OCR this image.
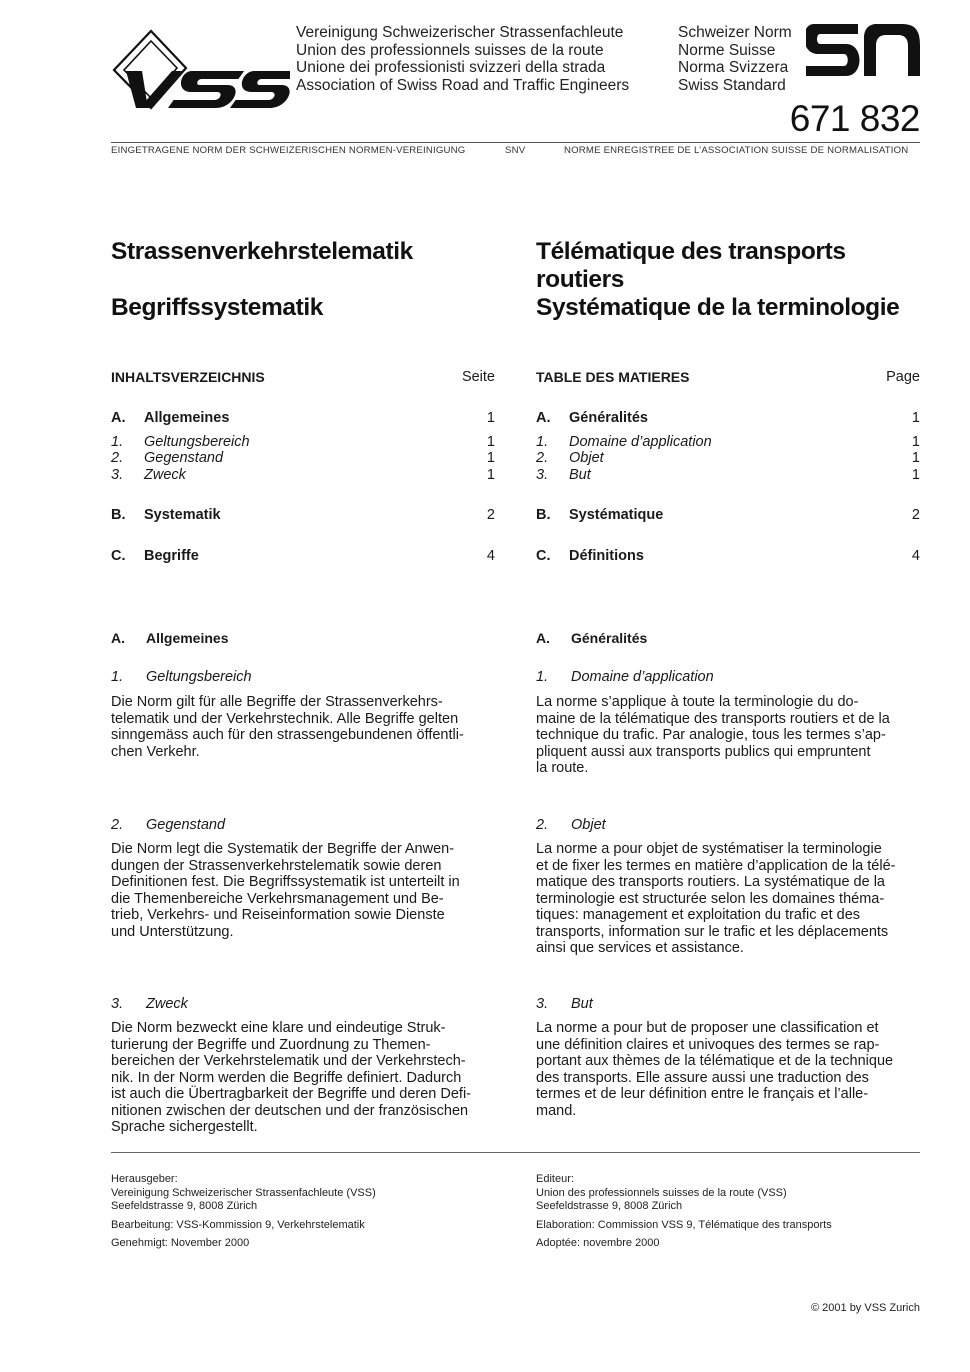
Vereinigung Schweizerischer Strassenfachleute
Union des professionnels suisses de la route
Unione dei professionisti svizzeri della strada
Association of Swiss Road and Traffic Engineers
Schweizer Norm
Norme Suisse
Norma Svizzera
Swiss Standard
671 832
EINGETRAGENE NORM DER SCHWEIZERISCHEN NORMEN-VEREINIGUNG	SNV	NORME ENREGISTREE DE L’ASSOCIATION SUISSE DE NORMALISATION
Strassenverkehrstelematik
Begriffssystematik
Télématique des transports
routiers
Systématique de la terminologie
INHALTSVERZEICHNIS	Seite
A. Allgemeines	1
1. Geltungsbereich	1
2. Gegenstand	1
3. Zweck	1
B. Systematik	2
C. Begriffe	4
TABLE DES MATIERES	Page
A. Généralités	1
1. Domaine d’application	1
2. Objet	1
3. But	1
B. Systématique	2
C. Définitions	4
A. Allgemeines	A. Généralités
1. Geltungsbereich
Die Norm gilt für alle Begriffe der Strassenverkehrs-
telematik und der Verkehrstechnik. Alle Begriffe gelten
sinngemäss auch für den strassengebundenen öffentli-
chen Verkehr.
1. Domaine d’application
La norme s’applique à toute la terminologie du do-
maine de la télématique des transports routiers et de la
technique du trafic. Par analogie, tous les termes s’ap-
pliquent aussi aux transports publics qui empruntent
la route.
2. Gegenstand
Die Norm legt die Systematik der Begriffe der Anwen-
dungen der Strassenverkehrstelematik sowie deren
Definitionen fest. Die Begriffssystematik ist unterteilt in
die Themenbereiche Verkehrsmanagement und Be-
trieb, Verkehrs- und Reiseinformation sowie Dienste
und Unterstützung.
2. Objet
La norme a pour objet de systématiser la terminologie
et de fixer les termes en matière d’application de la télé-
matique des transports routiers. La systématique de la
terminologie est structurée selon les domaines théma-
tiques: management et exploitation du trafic et des
transports, information sur le trafic et les déplacements
ainsi que services et assistance.
3. Zweck
Die Norm bezweckt eine klare und eindeutige Struk-
turierung der Begriffe und Zuordnung zu Themen-
bereichen der Verkehrstelematik und der Verkehrstech-
nik. In der Norm werden die Begriffe definiert. Dadurch
ist auch die Übertragbarkeit der Begriffe und deren Defi-
nitionen zwischen der deutschen und der französischen
Sprache sichergestellt.
3. But
La norme a pour but de proposer une classification et
une définition claires et univoques des termes se rap-
portant aux thèmes de la télématique et de la technique
des transports. Elle assure aussi une traduction des
termes et de leur définition entre le français et l’alle-
mand.
Herausgeber:
Vereinigung Schweizerischer Strassenfachleute (VSS)
Seefeldstrasse 9, 8008 Zürich
Bearbeitung: VSS-Kommission 9, Verkehrstelematik
Genehmigt: November 2000
Editeur:
Union des professionnels suisses de la route (VSS)
Seefeldstrasse 9, 8008 Zürich
Elaboration: Commission VSS 9, Télématique des transports
Adoptée: novembre 2000
© 2001 by VSS Zurich
